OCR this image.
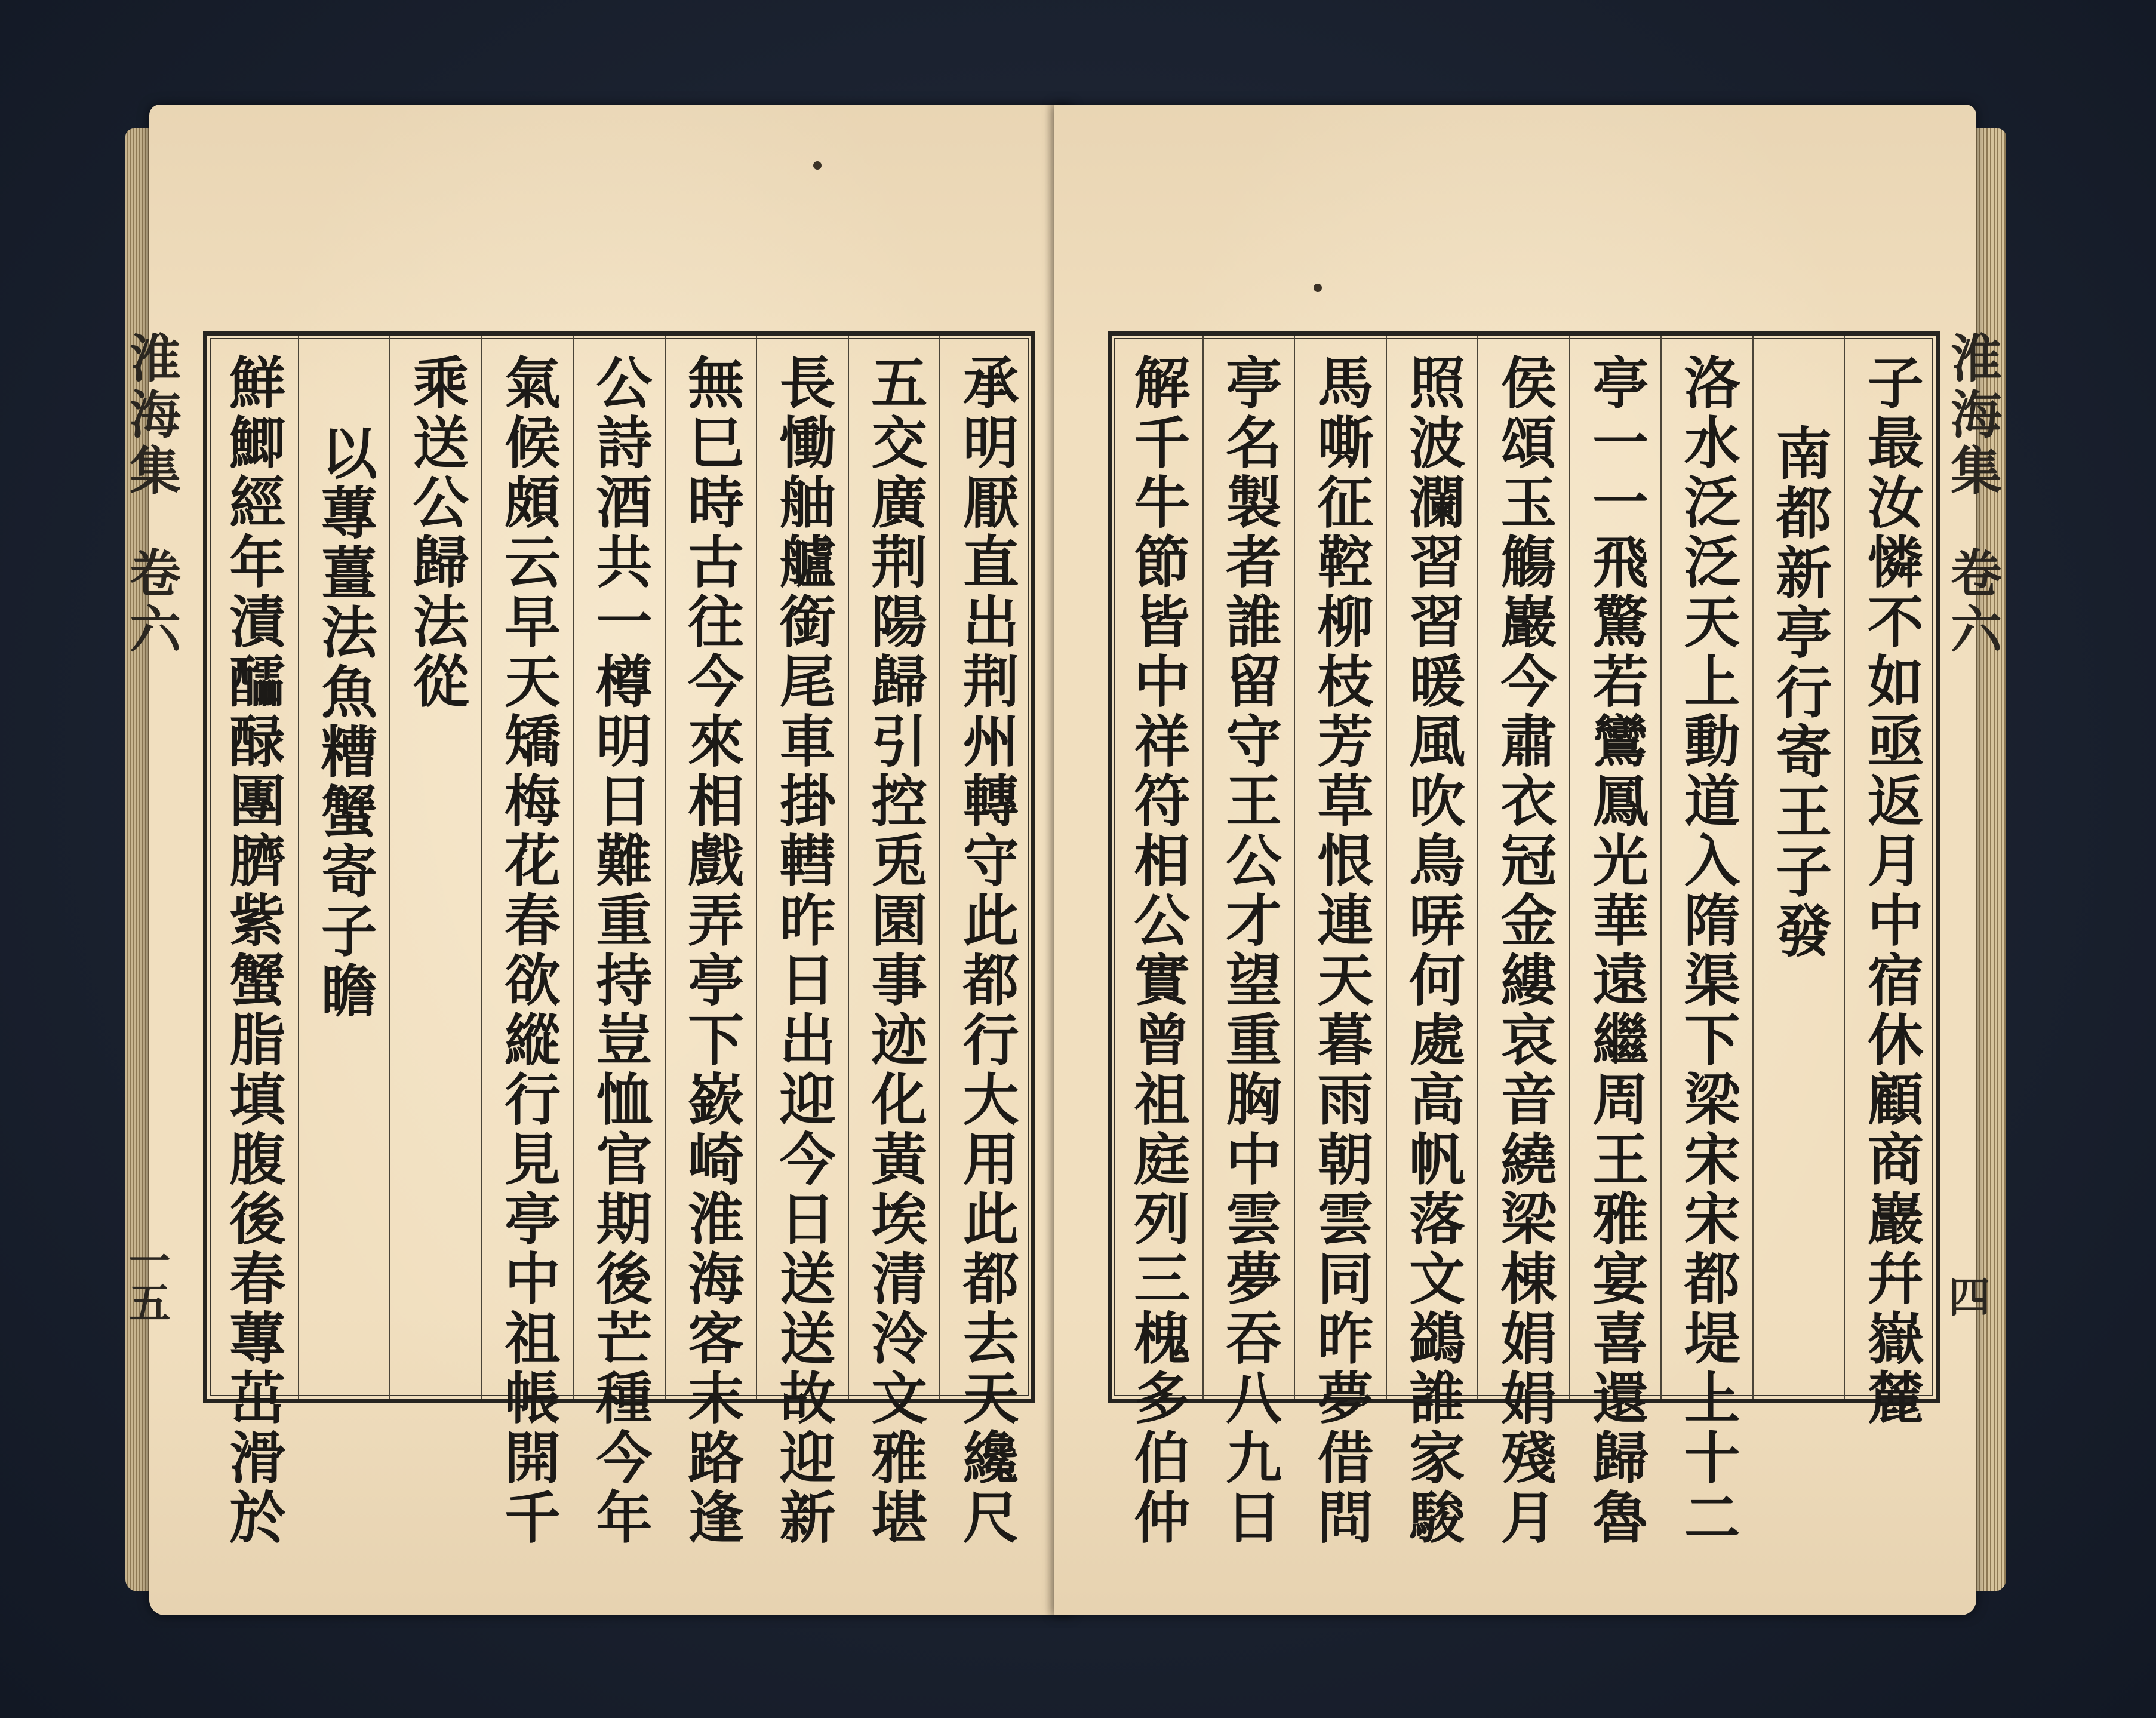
淮海集
卷六
一五	承明厭直出荆州轉守此都行大用此都去天纔尺
五交廣荆陽歸引控兎園事迹化黃埃清泠文雅堪
長慟舳艫銜尾車掛轊昨日出迎今日送送故迎新
無巳時古往今來相戲弄亭下嶔崎淮海客末路逢
公詩酒共一樽明日難重持豈恤官期後芒種今年
氣候頗云早天矯梅花春欲縱行見亭中祖帳開千
乘送公歸法從
以蓴薑法魚糟蟹寄子瞻
鮮鯽經年漬醽醁團臍紫蟹脂填腹後春蓴茁滑於	淮海集
卷六
四
子最汝憐不如亟返月中宿休顧商巖幷嶽麓
南都新亭行寄王子發
洛水泛泛天上動道入隋渠下梁宋宋都堤上十二
亭一一飛驚若鸞鳳光華遠繼周王雅宴喜還歸魯
侯頌玉觴巖今肅衣冠金縷哀音繞梁棟娟娟殘月
照波瀾習習暖風吹鳥哢何處高帆落文鷁誰家駿
馬嘶征鞚柳枝芳草恨連天暮雨朝雲同昨夢借問
亭名製者誰留守王公才望重胸中雲夢吞八九日
解千牛節皆中祥符相公實曾祖庭列三槐多伯仲
